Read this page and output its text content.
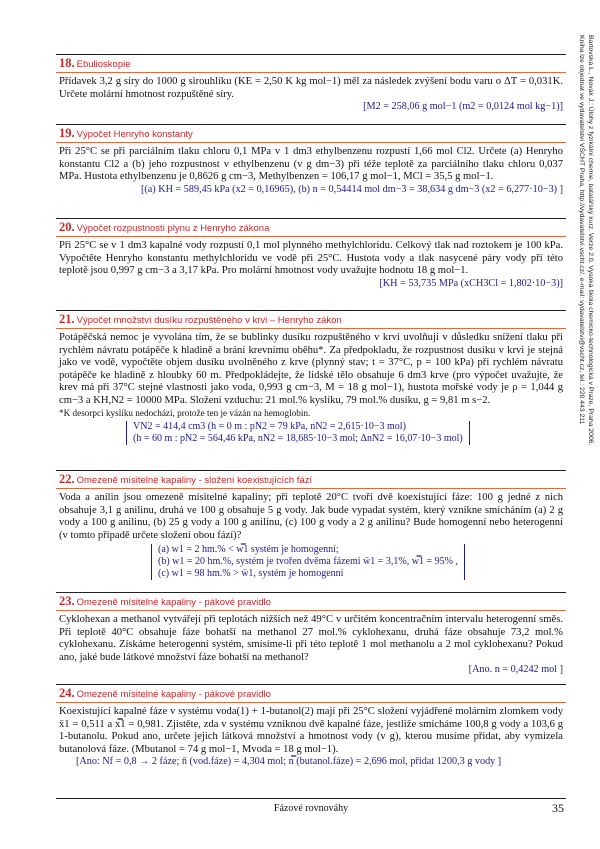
18. Ebulioskopie
Přídavek 3,2 g síry do 1000 g sirouhlíku (KE = 2,50 K kg mol−1) měl za následek zvýšení bodu varu o ΔT = 0,031K. Určete molární hmotnost rozpuštěné síry.
[M2 = 258,06 g mol−1 (m2 = 0,0124 mol kg−1)]
19. Výpočet Henryho konstanty
Při 25°C se při parciálním tlaku chloru 0,1 MPa v 1 dm3 ethylbenzenu rozpustí 1,66 mol Cl2. Určete (a) Henryho konstantu Cl2 a (b) jeho rozpustnost v ethylbenzenu (v g dm−3) při téže teplotě za parciálního tlaku chloru 0,037 MPa. Hustota ethylbenzenu je 0,8626 g cm−3, Methylbenzen = 106,17 g mol−1, MCl = 35,5 g mol−1.
[(a) KH = 589,45 kPa (x2 = 0,16965), (b) n = 0,54414 mol dm−3 = 38,634 g dm−3 (x2 = 6,277·10−3) ]
20. Výpočet rozpustnosti plynu z Henryho zákona
Při 25°C se v 1 dm3 kapalné vody rozpustí 0,1 mol plynného methylchloridu. Celkový tlak nad roztokem je 100 kPa. Vypočtěte Henryho konstantu methylchloridu ve vodě při 25°C. Hustota vody a tlak nasycené páry vody při této teplotě jsou 0,997 g cm−3 a 3,17 kPa. Pro molární hmotnost vody uvažujte hodnotu 18 g mol−1.
[KH = 53,735 MPa (xCH3Cl = 1,802·10−3)]
21. Výpočet množství dusíku rozpuštěného v krvi – Henryho zákon
Potápěčská nemoc je vyvolána tím, že se bublinky dusíku rozpuštěného v krvi uvolňují v důsledku snížení tlaku při rychlém návratu potápěče k hladině a brání krevnímu oběhu*. Za předpokladu, že rozpustnost dusíku v krvi je stejná jako ve vodě, vypočtěte objem dusíku uvolněného z krve (plynný stav; t = 37°C, p = 100 kPa) při rychlém návratu potápěče ke hladině z hloubky 60 m. Předpokládejte, že lidské tělo obsahuje 6 dm3 krve (pro výpočet uvažujte, že krev má při 37°C stejné vlastnosti jako voda, 0,993 g cm−3, M = 18 g mol−1), hustota mořské vody je ρ = 1,044 g cm−3 a KH,N2 = 10000 MPa. Složení vzduchu: 21 mol.% kyslíku, 79 mol.% dusíku, g = 9,81 m s−2.
*K desorpci kyslíku nedochází, protože ten je vázán na hemoglobin.
VN2 = 414,4 cm3 (h = 0 m : pN2 = 79 kPa, nN2 = 2,615·10−3 mol)
(h = 60 m : pN2 = 564,46 kPa, nN2 = 18,685·10−3 mol; ΔnN2 = 16,07·10−3 mol)
22. Omezeně mísitelné kapaliny - složení koexistujících fází
Voda a anilin jsou omezeně mísitelné kapaliny; při teplotě 20°C tvoří dvě koexistující fáze: 100 g jedné z nich obsahuje 3,1 g anilinu, druhá ve 100 g obsahuje 5 g vody. Jak bude vypadat systém, který vznikne smícháním (a) 2 g vody a 100 g anilinu, (b) 25 g vody a 100 g anilinu, (c) 100 g vody a 2 g anilinu? Bude homogenní nebo heterogenní (v tomto případě určete složení obou fází)?
(a) w1 = 2 hm.% < w̿1 systém je homogenní;
(b) w1 = 20 hm.%, systém je tvořen dvěma fázemi w̄1 = 3,1%, w̿1 = 95% ,
(c) w1 = 98 hm.% > w̄1, systém je homogenní
23. Omezeně mísitelné kapaliny - pákové pravidlo
Cyklohexan a methanol vytvářejí při teplotách nižších než 49°C v určitém koncentračním intervalu heterogenní směs. Při teplotě 40°C obsahuje fáze bohatší na methanol 27 mol.% cyklohexanu, druhá fáze obsahuje 73,2 mol.% cyklohexanu. Získáme heterogenní systém, smísíme-li při této teplotě 1 mol methanolu a 2 mol cyklohexanu? Pokud ano, jaké bude látkové množství fáze bohatší na methanol?
[Ano. n = 0,4242 mol ]
24. Omezeně mísitelné kapaliny - pákové pravidlo
Koexistující kapalné fáze v systému voda(1) + 1-butanol(2) mají při 25°C složení vyjádřené molárním zlomkem vody x̄1 = 0,511 a x̿1 = 0,981. Zjistěte, zda v systému vzniknou dvě kapalné fáze, jestliže smícháme 100,8 g vody a 103,6 g 1-butanolu. Pokud ano, určete jejich látková množství a hmotnost vody (v g), kterou musíme přidat, aby vymizela butanolová fáze. (Mbutanol = 74 g mol−1, Mvoda = 18 g mol−1).
[Ano: Nf = 0,8 → 2 fáze; n̄ (vod.fáze) = 4,304 mol; n̿ (butanol.fáze) = 2,696 mol, přidat 1200,3 g vody ]
Bartovská L., Novák J.: Úlohy z fyzikální chemie, batalářský kurz. Verze 2.0. Vysoká škola chemicko-technologická v Praze, Praha 2006.
Kniha lze objednat ve vydavatelství VŠCHT Praha, http://vydavatelstvi.vscht.cz/, e-mail: vydavatelstvi@vscht.cz, tel.: 220 443 211
Fázové rovnováhy	35
